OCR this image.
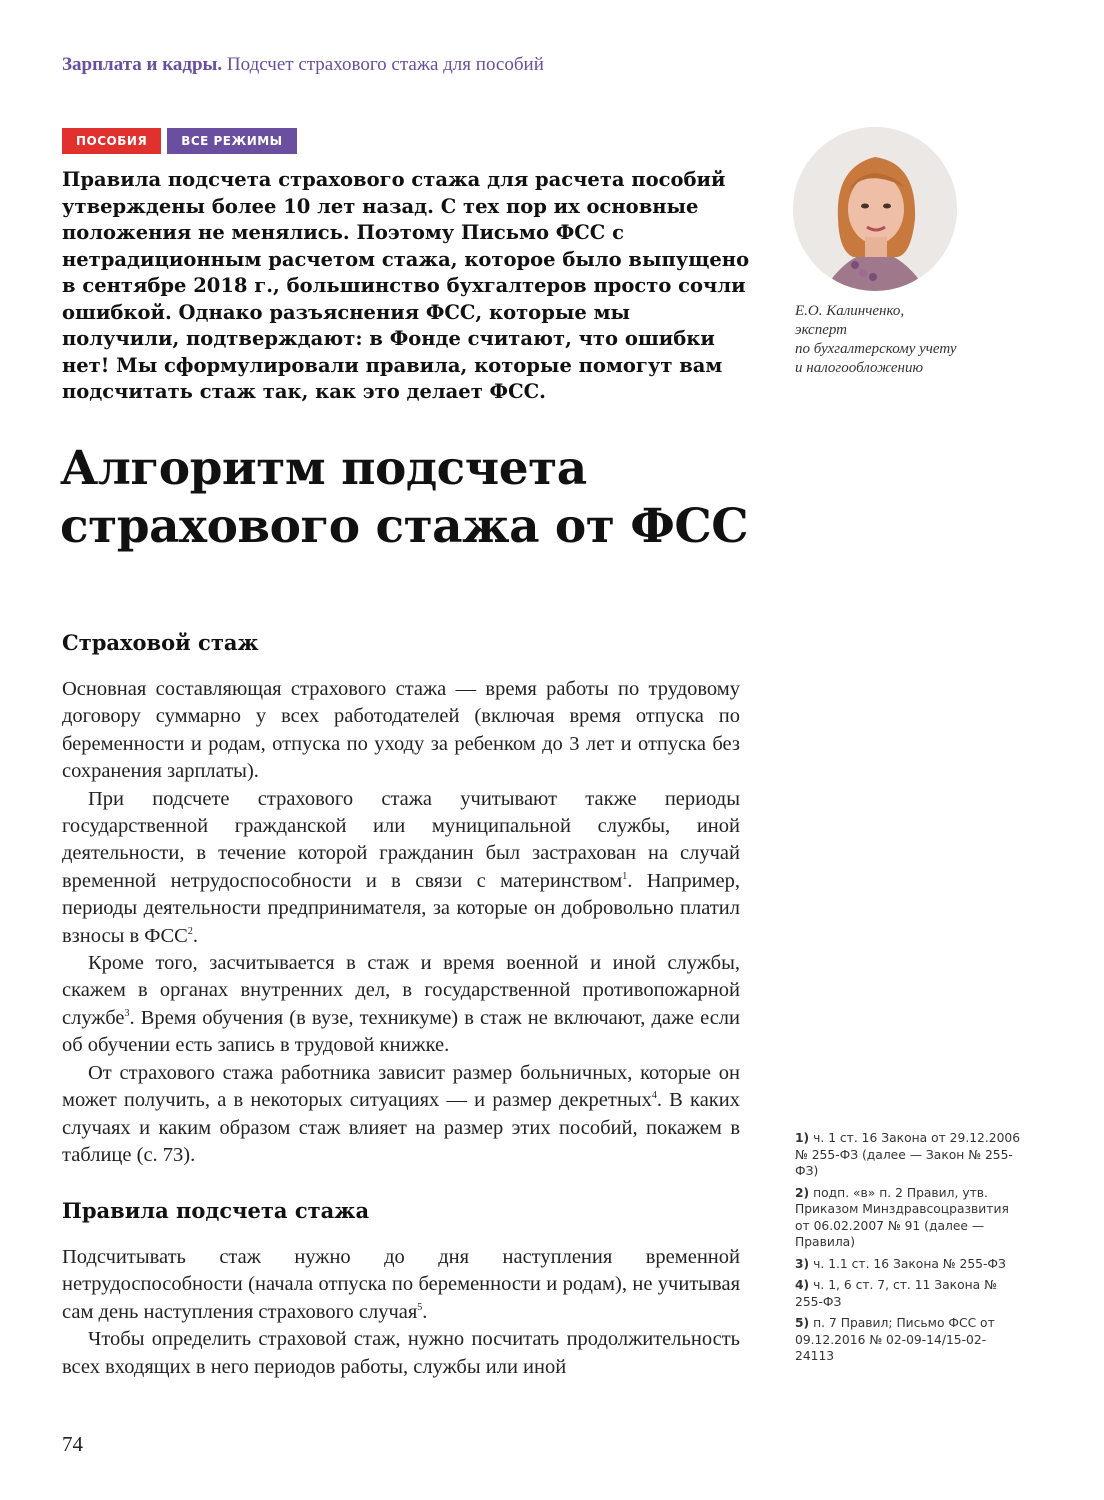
Зарплата и кадры. Подсчет страхового стажа для пособий
ПОСОБИЯ	ВСЕ РЕЖИМЫ
Правила подсчета страхового стажа для расчета пособий утверждены более 10 лет назад. С тех пор их основные положения не менялись. Поэтому Письмо ФСС с нетрадиционным расчетом стажа, которое было выпущено в сентябре 2018 г., большинство бухгалтеров просто сочли ошибкой. Однако разъяснения ФСС, которые мы получили, подтверждают: в Фонде считают, что ошибки нет! Мы сформулировали правила, которые помогут вам подсчитать стаж так, как это делает ФСС.
Алгоритм подсчета
страхового стажа от ФСС
Е.О. Калинченко,
эксперт
по бухгалтерскому учету
и налогообложению
Страховой стаж

Основная составляющая страхового стажа — время работы по трудовому договору суммарно у всех работодателей (включая время отпуска по беременности и родам, отпуска по уходу за ребенком до 3 лет и отпуска без сохранения зарплаты).

При подсчете страхового стажа учитывают также периоды государственной гражданской или муниципальной службы, иной деятельности, в течение которой гражданин был застрахован на случай временной нетрудоспособности и в связи с материнством$^1$. Например, периоды деятельности предпринимателя, за которые он добровольно платил взносы в ФСС$^2$.

Кроме того, засчитывается в стаж и время военной и иной службы, скажем в органах внутренних дел, в государственной противопожарной службе$^3$. Время обучения (в вузе, техникуме) в стаж не включают, даже если об обучении есть запись в трудовой книжке.

От страхового стажа работника зависит размер больничных, которые он может получить, а в некоторых ситуациях — и размер декретных$^4$. В каких случаях и каким образом стаж влияет на размер этих пособий, покажем в таблице (с. 73).

Правила подсчета стажа

Подсчитывать стаж нужно до дня наступления временной нетрудоспособности (начала отпуска по беременности и родам), не учитывая сам день наступления страхового случая$^5$.

Чтобы определить страховой стаж, нужно посчитать продолжительность всех входящих в него периодов работы, службы или иной

1) ч. 1 ст. 16 Закона от 29.12.2006 № 255-ФЗ (далее — Закон № 255-ФЗ)
2) подп. «в» п. 2 Правил, утв. Приказом Минздравсоцразвития от 06.02.2007 № 91 (далее — Правила)
3) ч. 1.1 ст. 16 Закона № 255-ФЗ
4) ч. 1, 6 ст. 7, ст. 11 Закона № 255-ФЗ
5) п. 7 Правил; Письмо ФСС от 09.12.2016 № 02-09-14/15-02-24113
74
